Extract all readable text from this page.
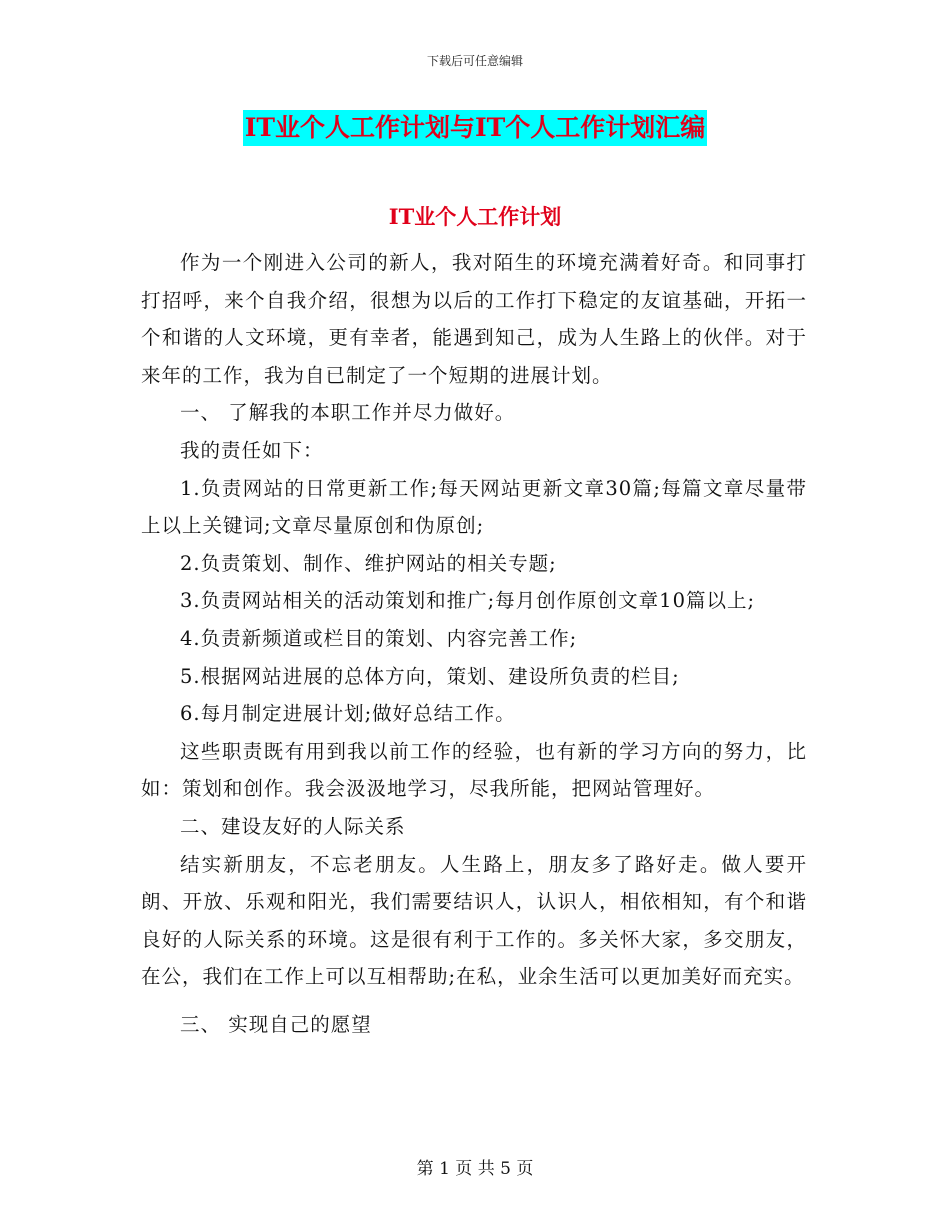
下载后可任意编辑
IT业个人工作计划与IT个人工作计划汇编
IT业个人工作计划

作为一个刚进入公司的新人，我对陌生的环境充满着好奇。和同事打打招呼，来个自我介绍，很想为以后的工作打下稳定的友谊基础，开拓一个和谐的人文环境，更有幸者，能遇到知己，成为人生路上的伙伴。对于来年的工作，我为自已制定了一个短期的进展计划。

一、 了解我的本职工作并尽力做好。

我的责任如下：

1.负责网站的日常更新工作;每天网站更新文章30篇;每篇文章尽量带上以上关键词;文章尽量原创和伪原创;

2.负责策划、制作、维护网站的相关专题;

3.负责网站相关的活动策划和推广;每月创作原创文章10篇以上;

4.负责新频道或栏目的策划、内容完善工作;

5.根据网站进展的总体方向，策划、建设所负责的栏目;

6.每月制定进展计划;做好总结工作。

这些职责既有用到我以前工作的经验，也有新的学习方向的努力，比如：策划和创作。我会汲汲地学习，尽我所能，把网站管理好。

二、建设友好的人际关系

结实新朋友，不忘老朋友。人生路上，朋友多了路好走。做人要开朗、开放、乐观和阳光，我们需要结识人，认识人，相依相知，有个和谐良好的人际关系的环境。这是很有利于工作的。多关怀大家，多交朋友，在公，我们在工作上可以互相帮助;在私，业余生活可以更加美好而充实。

三、 实现自己的愿望

第 1 页 共 5 页
